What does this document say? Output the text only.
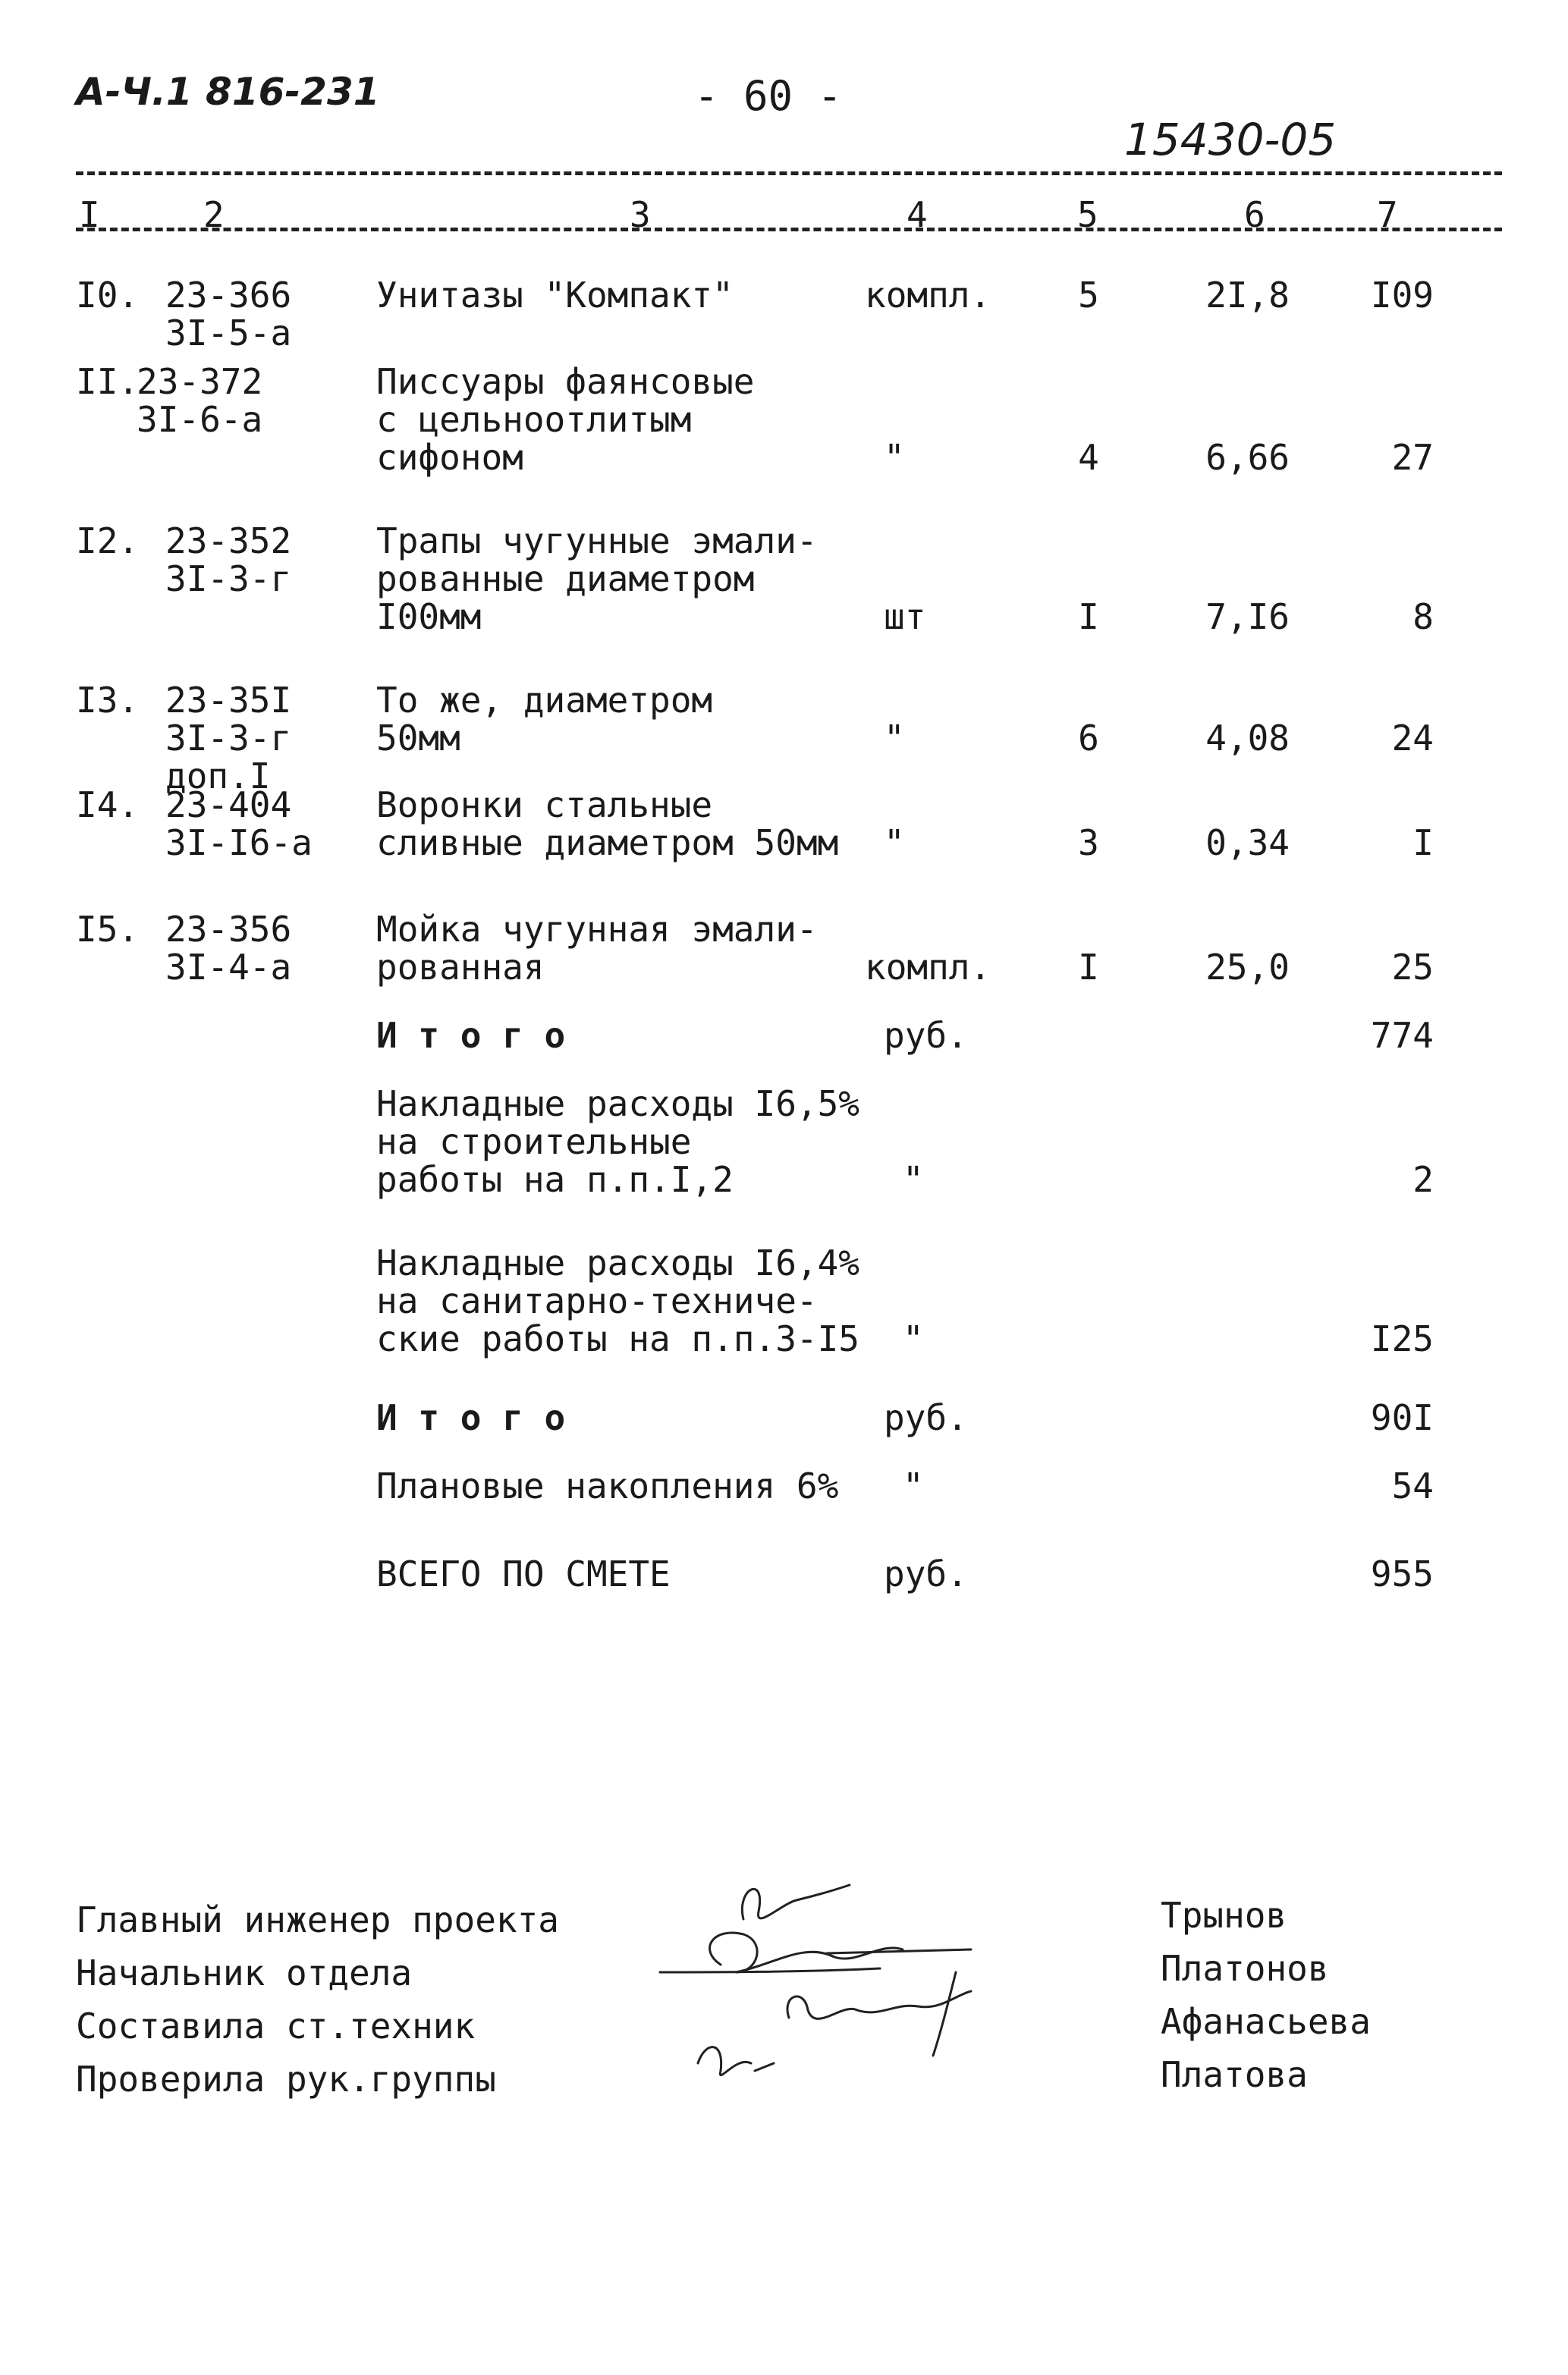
А-Ч.1 816-231	- 60 -
15430-05
I	2	3	4	5	6	7
I0. 23-366
3I-5-а
Унитазы "Компакт"	компл.	5	2I,8	I09
II.
23-372
3I-6-а
Писсуары фаянсовые
с цельноотлитым
сифоном	"	4	6,66	27
I2. 23-352
3I-3-г
Трапы чугунные эмали-
рованные диаметром
I00мм	шт	I	7,I6	8
I3. 23-35I
3I-3-г
доп.I
То же, диаметром
50мм	"	6	4,08	24
I4. 23-404
3I-I6-а
Воронки стальные
сливные диаметром 50мм "	3	0,34	I
I5. 23-356
3I-4-а
Мойка чугунная эмали-
рованная	компл.	I	25,0	25
И т о г о	руб.	774
Накладные расходы I6,5%
на строительные
работы на п.п.I,2	"	2
Накладные расходы I6,4%
на санитарно-техниче-
ские работы на п.п.3-I5 "	I25
И т о г о	руб.	90I
Плановые накопления 6% "	54
ВСЕГО ПО СМЕТЕ	руб.	955
Главный инженер проекта
Начальник отдела
Составила ст.техник
Проверила рук.группы
Трынов
Платонов
Афанасьева
Платова
